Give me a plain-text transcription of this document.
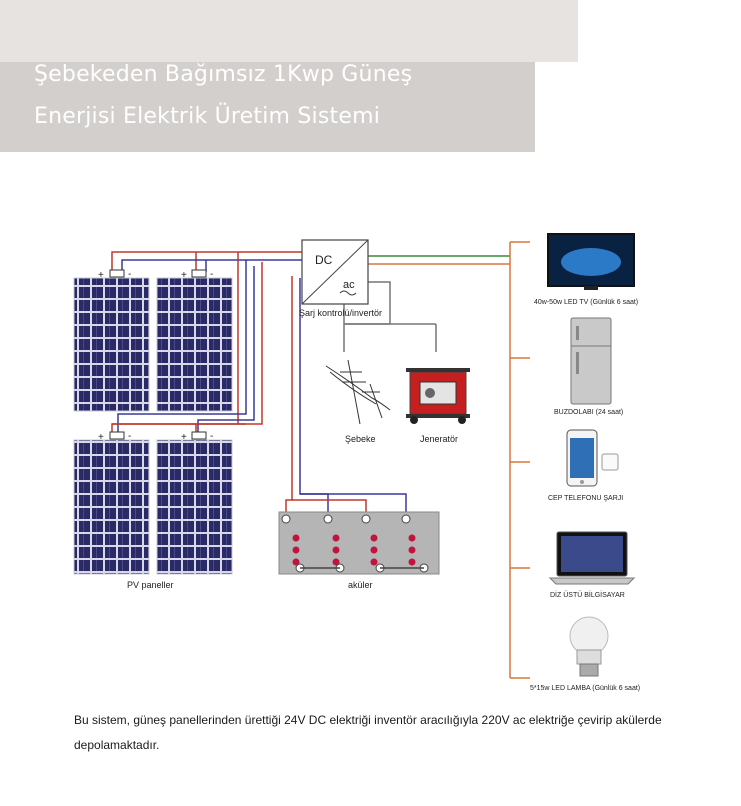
Şebekeden Bağımsız 1Kwp Güneş
Enerjisi Elektrik Üretim Sistemi
+ -	+ -
+ -	+ -
PV paneller
DC
ac
Şarj kontrolü/invertör
Şebeke	Jeneratör
aküler
40w-50w LED TV (Günlük 6 saat)
BUZDOLABI (24 saat)
CEP TELEFONU ŞARJI
DİZ ÜSTÜ BİLGİSAYAR
5*15w LED LAMBA (Günlük 6 saat)
Bu sistem, güneş panellerinden ürettiği 24V DC elektriği inventör aracılığıyla 220V ac elektriğe çevirip akülerde depolamaktadır.
